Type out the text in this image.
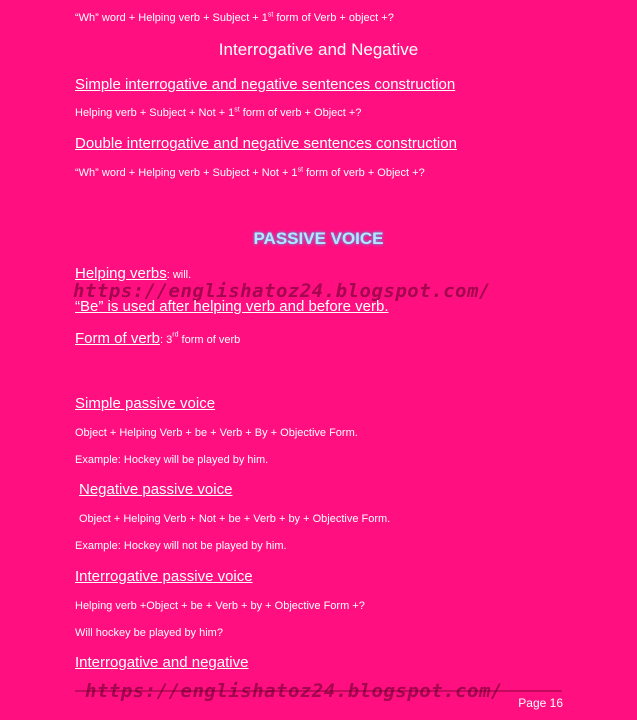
“Wh” word + Helping verb + Subject + 1st form of Verb + object +?
Interrogative and Negative
Simple interrogative and negative sentences construction
Helping verb + Subject + Not + 1st form of verb + Object +?
Double interrogative and negative sentences construction
“Wh” word + Helping verb + Subject + Not + 1st form of verb + Object +?
PASSIVE VOICE
Helping verbs: will.
https://englishatoz24.blogspot.com/
“Be” is used after helping verb and before verb.
Form of verb: 3rd form of verb
Simple passive voice
Object + Helping Verb + be + Verb + By + Objective Form.
Example: Hockey will be played by him.
Negative passive voice
Object + Helping Verb + Not + be + Verb + by + Objective Form.
Example: Hockey will not be played by him.
Interrogative passive voice
Helping verb +Object + be + Verb + by + Objective Form +?
Will hockey be played by him?
Interrogative and negative
https://englishatoz24.blogspot.com/
Page 16
